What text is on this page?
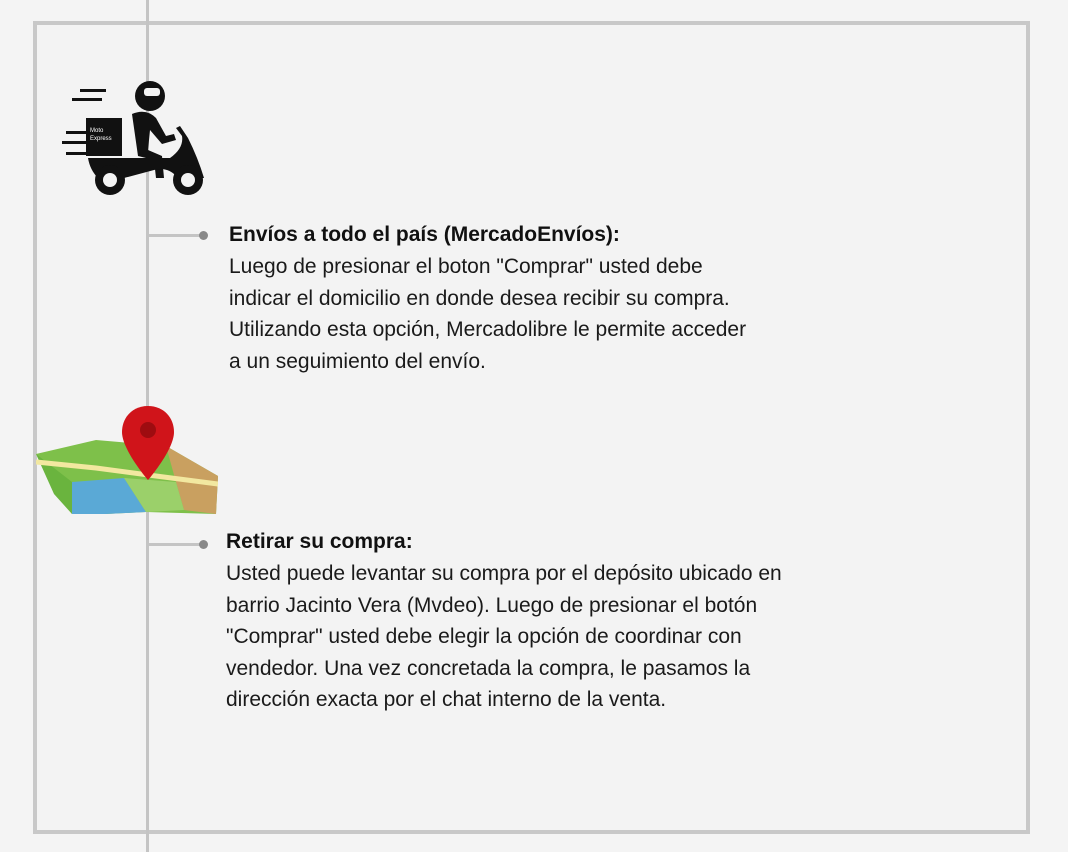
Moto
Express
Envíos a todo el país (MercadoEnvíos):
Luego de presionar el boton "Comprar" usted debe
indicar el domicilio en donde desea recibir su compra.
Utilizando esta opción, Mercadolibre le permite acceder
a un seguimiento del envío.
Retirar su compra:
Usted puede levantar su compra por el depósito ubicado en
barrio Jacinto Vera (Mvdeo). Luego de presionar el botón
"Comprar" usted debe elegir la opción de coordinar con
vendedor. Una vez concretada la compra, le pasamos la
dirección exacta por el chat interno de la venta.
